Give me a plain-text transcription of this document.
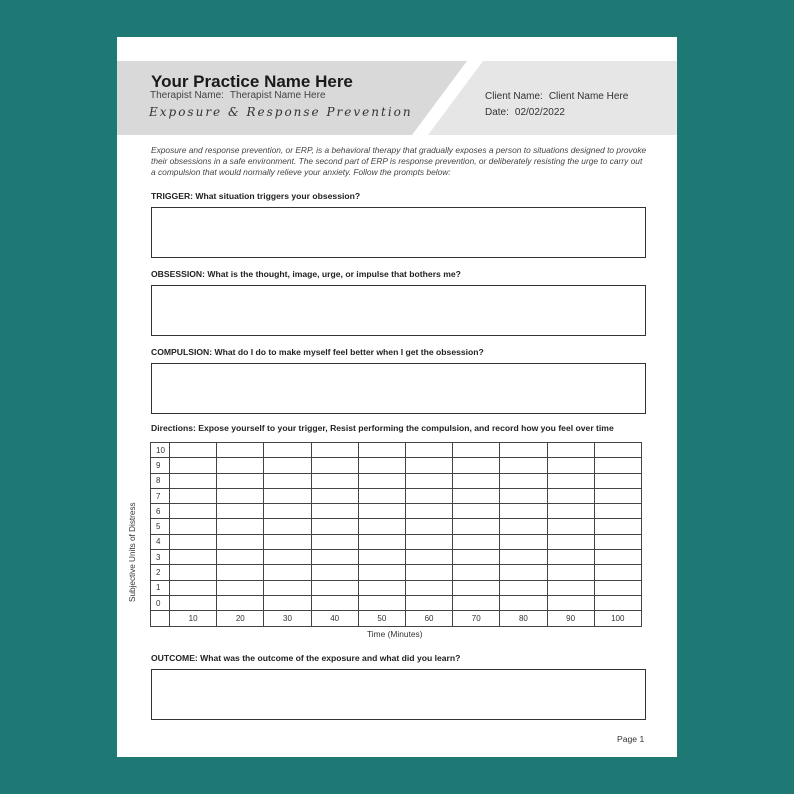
Your Practice Name Here
Therapist Name: Therapist Name Here
Exposure & Response Prevention
Client Name: Client Name Here
Date: 02/02/2022
Exposure and response prevention, or ERP, is a behavioral therapy that gradually exposes a person to situations designed to provoke their obsessions in a safe environment. The second part of ERP is response prevention, or deliberately resisting the urge to carry out a compulsion that would normally relieve your anxiety. Follow the prompts below:
TRIGGER: What situation triggers your obsession?
OBSESSION: What is the thought, image, urge, or impulse that bothers me?
COMPULSION: What do I do to make myself feel better when I get the obsession?
Directions: Expose yourself to your trigger, Resist performing the compulsion, and record how you feel over time
Subjective Units of Distress
10										
9										
8										
7										
6										
5										
4										
3										
2										
1										
0										
	10	20	30	40	50	60	70	80	90	100
Time (Minutes)
OUTCOME: What was the outcome of the exposure and what did you learn?
Page 1
